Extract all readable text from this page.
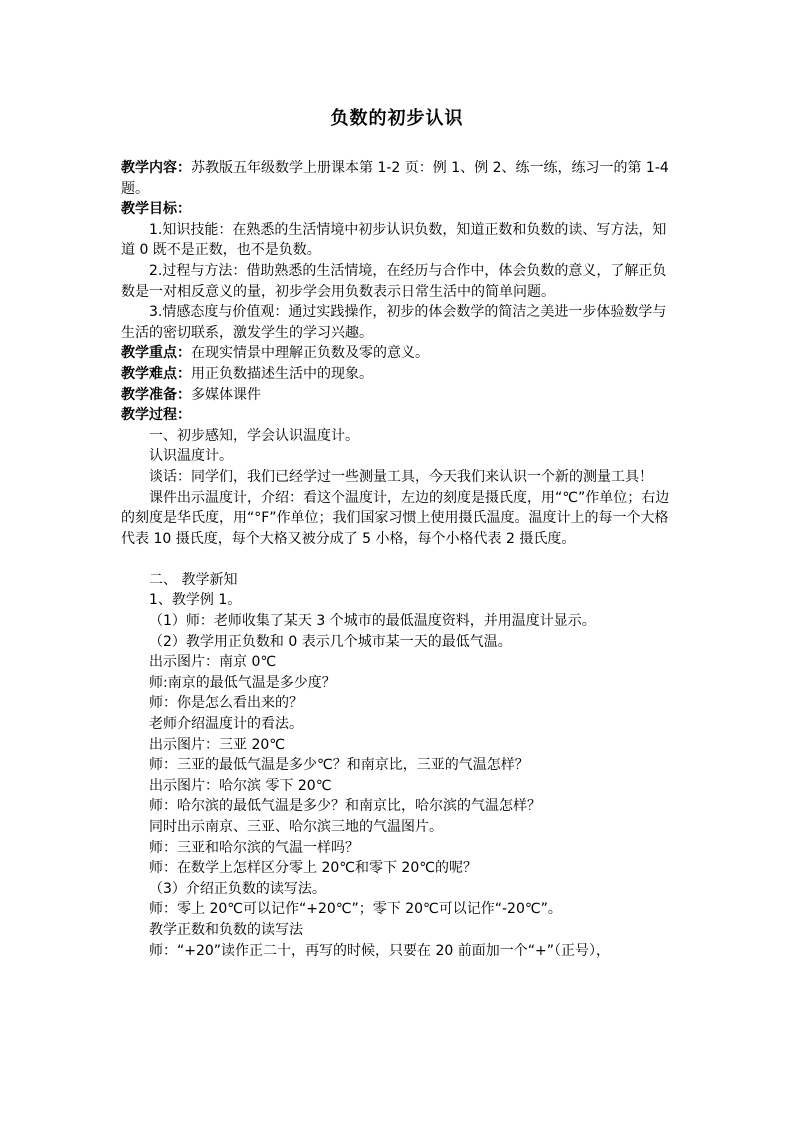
负数的初步认识

教学内容：苏教版五年级数学上册课本第 1-2 页：例 1、例 2、练一练，练习一的第 1-4 题。

教学目标：

1.知识技能：在熟悉的生活情境中初步认识负数，知道正数和负数的读、写方法，知道 0 既不是正数，也不是负数。

2.过程与方法：借助熟悉的生活情境，在经历与合作中，体会负数的意义，了解正负数是一对相反意义的量，初步学会用负数表示日常生活中的简单问题。

3.情感态度与价值观：通过实践操作，初步的体会数学的简洁之美进一步体验数学与生活的密切联系，激发学生的学习兴趣。

教学重点：在现实情景中理解正负数及零的意义。

教学难点：用正负数描述生活中的现象。

教学准备：多媒体课件

教学过程：

一、初步感知，学会认识温度计。

认识温度计。

谈话：同学们，我们已经学过一些测量工具，今天我们来认识一个新的测量工具！

课件出示温度计，介绍：看这个温度计，左边的刻度是摄氏度，用“℃”作单位；右边的刻度是华氏度，用“°F”作单位；我们国家习惯上使用摄氏温度。温度计上的每一个大格代表 10 摄氏度，每个大格又被分成了 5 小格，每个小格代表 2 摄氏度。

二、 教学新知

1、教学例 1。

（1）师：老师收集了某天 3 个城市的最低温度资料，并用温度计显示。

（2）教学用正负数和 0 表示几个城市某一天的最低气温。

出示图片：南京 0℃

师:南京的最低气温是多少度？

师：你是怎么看出来的？

老师介绍温度计的看法。

出示图片：三亚 20℃

师：三亚的最低气温是多少℃？和南京比，三亚的气温怎样？

出示图片：哈尔滨 零下 20℃

师：哈尔滨的最低气温是多少？和南京比，哈尔滨的气温怎样？

同时出示南京、三亚、哈尔滨三地的气温图片。

师：三亚和哈尔滨的气温一样吗？

师：在数学上怎样区分零上 20℃和零下 20℃的呢？

（3）介绍正负数的读写法。

师：零上 20℃可以记作“+20℃”；零下 20℃可以记作“-20℃”。

教学正数和负数的读写法

师：“+20”读作正二十，再写的时候，只要在 20 前面加一个“+”（正号），
